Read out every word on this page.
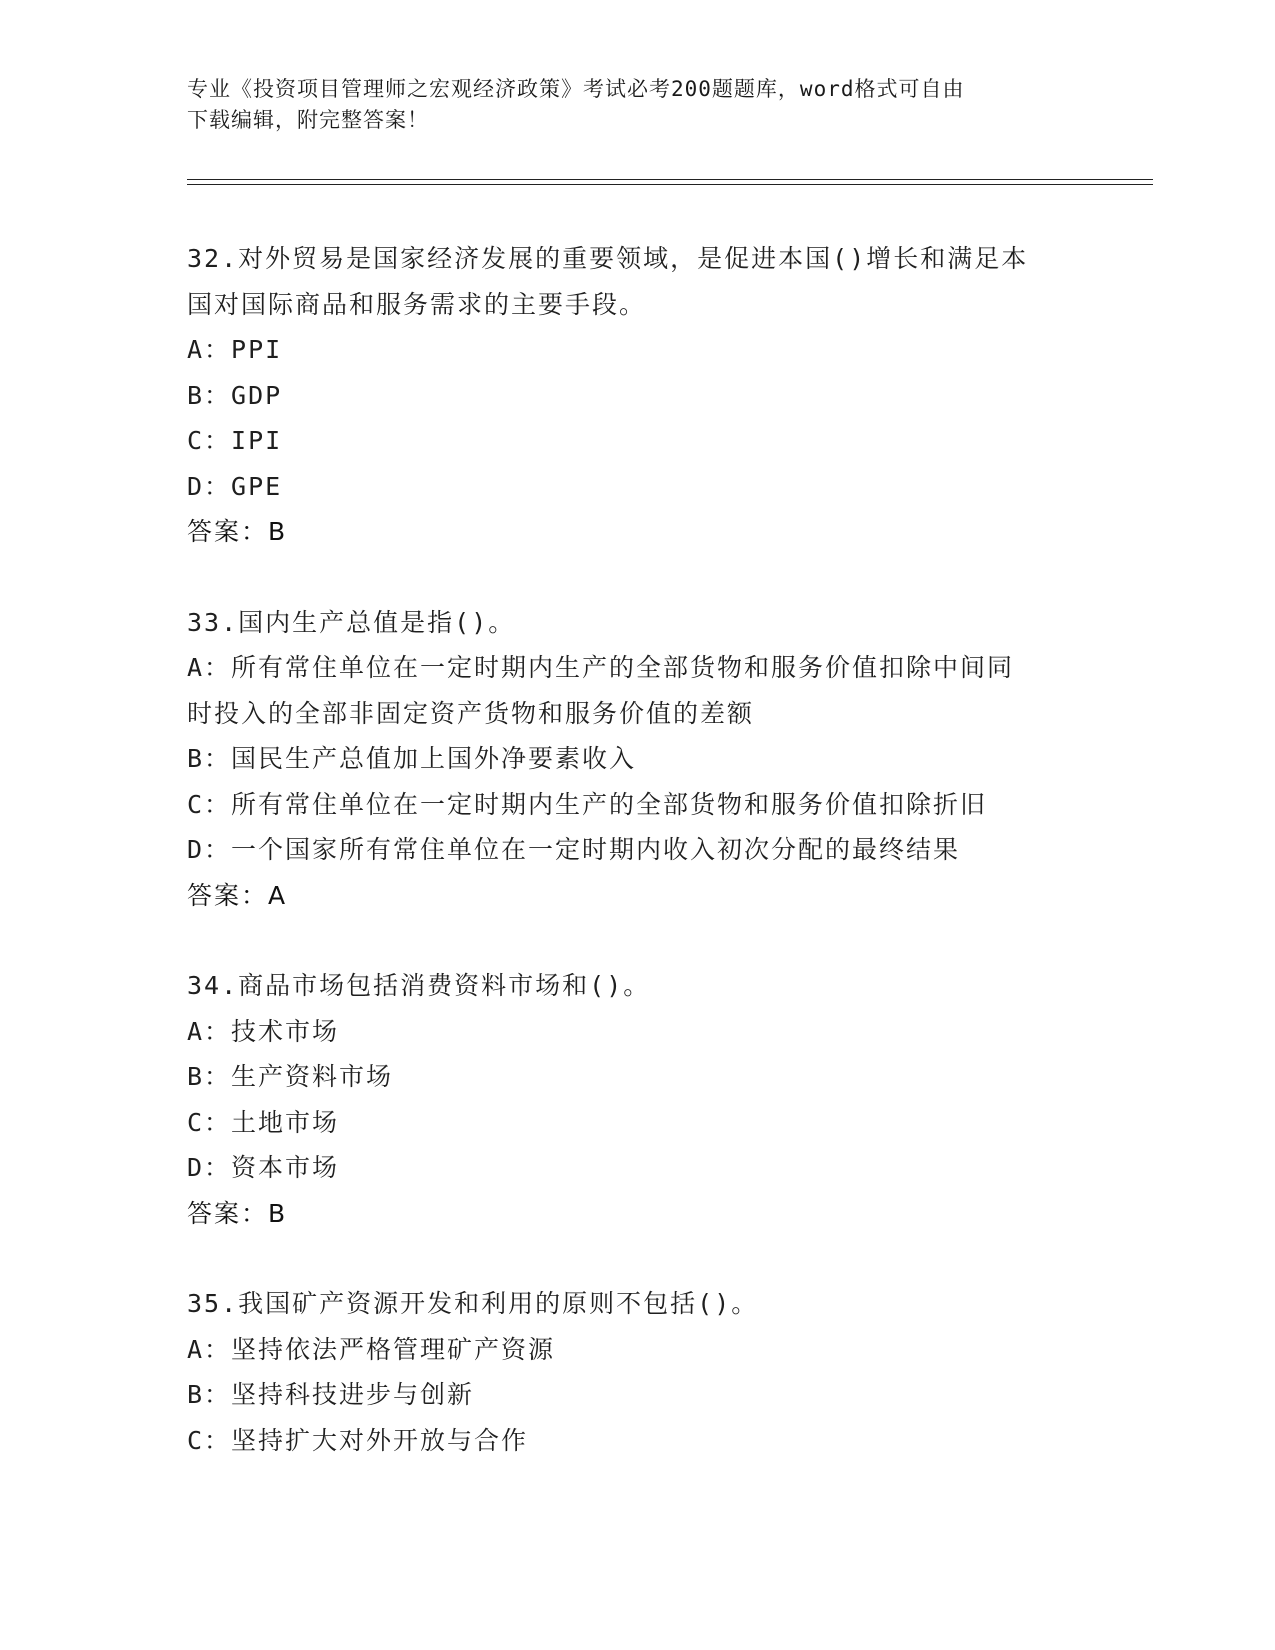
专业《投资项目管理师之宏观经济政策》考试必考200题题库，word格式可自由
下载编辑，附完整答案！
32.对外贸易是国家经济发展的重要领域，是促进本国()增长和满足本
国对国际商品和服务需求的主要手段。
A：PPI
B：GDP
C：IPI
D：GPE
答案：B
33.国内生产总值是指()。
A：所有常住单位在一定时期内生产的全部货物和服务价值扣除中间同
时投入的全部非固定资产货物和服务价值的差额
B：国民生产总值加上国外净要素收入
C：所有常住单位在一定时期内生产的全部货物和服务价值扣除折旧
D：一个国家所有常住单位在一定时期内收入初次分配的最终结果
答案：A
34.商品市场包括消费资料市场和()。
A：技术市场
B：生产资料市场
C：土地市场
D：资本市场
答案：B
35.我国矿产资源开发和利用的原则不包括()。
A：坚持依法严格管理矿产资源
B：坚持科技进步与创新
C：坚持扩大对外开放与合作
